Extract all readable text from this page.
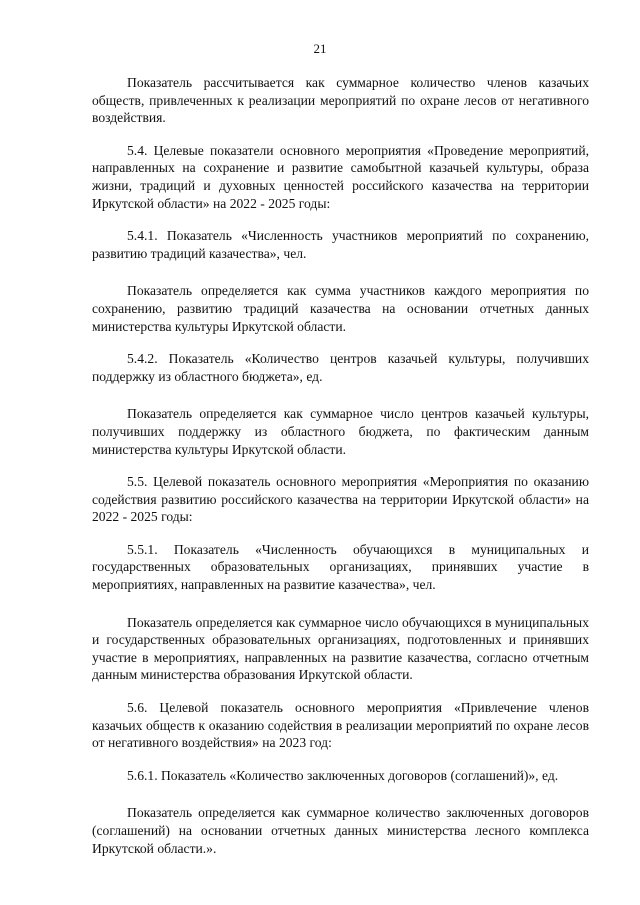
21

Показатель рассчитывается как суммарное количество членов казачьих обществ, привлеченных к реализации мероприятий по охране лесов от негативного воздействия.

5.4. Целевые показатели основного мероприятия «Проведение мероприятий, направленных на сохранение и развитие самобытной казачьей культуры, образа жизни, традиций и духовных ценностей российского казачества на территории Иркутской области» на 2022 - 2025 годы:

5.4.1. Показатель «Численность участников мероприятий по сохранению, развитию традиций казачества», чел.

Показатель определяется как сумма участников каждого мероприятия по сохранению, развитию традиций казачества на основании отчетных данных министерства культуры Иркутской области.

5.4.2. Показатель «Количество центров казачьей культуры, получивших поддержку из областного бюджета», ед.

Показатель определяется как суммарное число центров казачьей культуры, получивших поддержку из областного бюджета, по фактическим данным министерства культуры Иркутской области.

5.5. Целевой показатель основного мероприятия «Мероприятия по оказанию содействия развитию российского казачества на территории Иркутской области» на 2022 - 2025 годы:

5.5.1. Показатель «Численность обучающихся в муниципальных и государственных образовательных организациях, принявших участие в мероприятиях, направленных на развитие казачества», чел.

Показатель определяется как суммарное число обучающихся в муниципальных и государственных образовательных организациях, подготовленных и принявших участие в мероприятиях, направленных на развитие казачества, согласно отчетным данным министерства образования Иркутской области.

5.6. Целевой показатель основного мероприятия «Привлечение членов казачьих обществ к оказанию содействия в реализации мероприятий по охране лесов от негативного воздействия» на 2023 год:

5.6.1. Показатель «Количество заключенных договоров (соглашений)», ед.

Показатель определяется как суммарное количество заключенных договоров (соглашений) на основании отчетных данных министерства лесного комплекса Иркутской области.».
